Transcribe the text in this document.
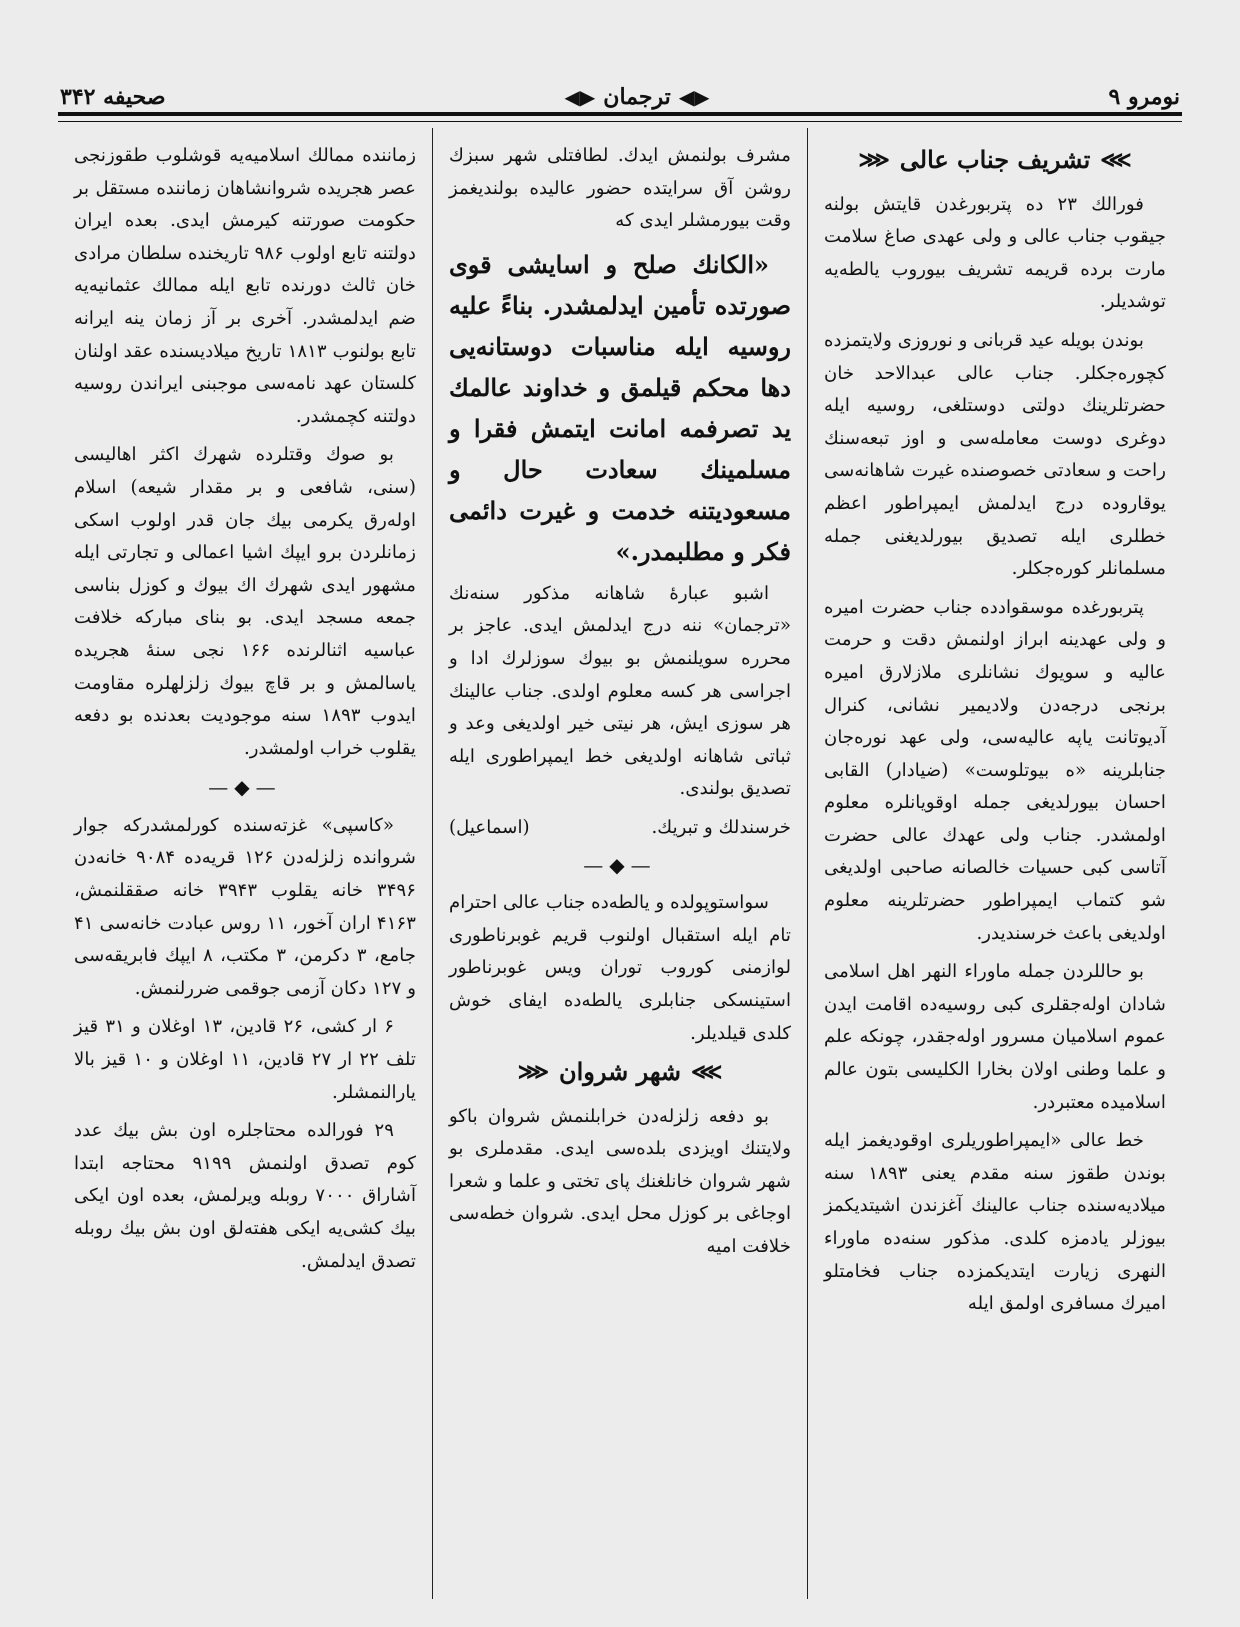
صحیفه ۳۴۲	◀▶ ترجمان ◀▶	نومرو ۹
⋙
تشریف جناب عالی
⋘

فورالك ۲۳ ده پتربورغدن قایتش بولنه جیقوب جناب عالی و ولی عهدی صاغ سلامت مارت برده قریمه تشریف بیوروب یالطه‌یه توشدیلر.

بوندن بویله عید قربانی و نوروزی ولایتمزده کچوره‌جکلر. جناب عالی عبدالاحد خان حضرتلرینك دولتی دوستلغی، روسیه ایله دوغری دوست معامله‌سی و اوز تبعه‌سنك راحت و سعادتی خصوصنده غیرت شاهانه‌سی یوقاروده درج ایدلمش ایمپراطور اعظم خطلری ایله تصدیق بیورلدیغنی جمله مسلمانلر کوره‌جکلر.

پتربورغده موسقوادده جناب حضرت امیره و ولی عهدینه ابراز اولنمش دقت و حرمت عالیه و سویوك نشانلری ملازلارق امیره برنجی درجه‌دن ولادیمیر نشانی، کنرال آدیوتانت یاپه عالیه‌سی، ولی عهد نوره‌جان جنابلرینه «ه بیوتلوست» (ضیادار) القابی احسان بیورلدیغی جمله اوقویانلره معلوم اولمشدر. جناب ولی عهدك عالی حضرت آتاسی کبی حسیات خالصانه صاحبی اولدیغی شو کتماب ایمپراطور حضرتلرینه معلوم اولدیغی باعث خرسندیدر.

بو حاللردن جمله ماوراء النهر اهل اسلامی شادان اوله‌جقلری کبی روسیه‌ده اقامت ایدن عموم اسلامیان مسرور اوله‌جقدر، چونکه علم و علما وطنی اولان بخارا الکلیسی بتون عالم اسلامیده معتبردر.

خط عالی «ایمپراطوریلری اوقودیغمز ایله بوندن طقوز سنه مقدم یعنی ۱۸۹۳ سنه میلادیه‌سنده جناب عالینك آغزندن اشیتدیکمز بیوزلر یادمزه کلدی. مذکور سنه‌ده ماوراء النهری زیارت ایتدیکمزده جناب فخامتلو امیرك مسافری اولمق ایله

مشرف بولنمش ایدك. لطافتلی شهر سبزك روشن آق سرایتده حضور عالیده بولندیغمز وقت بیورمشلر ایدی که

«الکانك صلح و اسایشی قوی صورتده تأمین ایدلمشدر. بناءً علیه روسیه ایله مناسبات دوستانه‌یی دها محکم قیلمق و خداوند عالمك ید تصرفمه امانت ایتمش فقرا و مسلمینك سعادت حال و مسعودیتنه خدمت و غیرت دائمی فکر و مطلبمدر.»

اشبو عبارهٔ شاهانه مذکور سنه‌نك «ترجمان» ننه درج ایدلمش ایدی. عاجز بر محرره سویلنمش بو بیوك سوزلرك ادا و اجراسی هر کسه معلوم اولدی. جناب عالینك هر سوزی ایش، هر نیتی خیر اولدیغی وعد و ثباتی شاهانه اولدیغی خط ایمپراطوری ایله تصدیق بولندی.

خرسندلك و تبریك.
(اسماعیل)
—◆—

سواستوپولده و یالطه‌ده جناب عالی احترام تام ایله استقبال اولنوب قریم غوبرناطوری لوازمنی کوروب توران ویس غوبرناطور استینسکی جنابلری یالطه‌ده ایفای خوش کلدی قیلدیلر.

⋙
شهر شروان
⋘

بو دفعه زلزله‌دن خرابلنمش شروان باکو ولایتنك اویزدی بلده‌سی ایدی. مقدملری بو شهر شروان خانلغنك پای تختی و علما و شعرا اوجاغی بر کوزل محل ایدی. شروان خطه‌سی خلافت امیه

زماننده ممالك اسلامیه‌یه قوشلوب طقوزنجی عصر هجریده شروانشاهان زماننده مستقل بر حکومت صورتنه کیرمش ایدی. بعده ایران دولتنه تابع اولوب ۹۸۶ تاریخنده سلطان مرادی خان ثالث دورنده تابع ایله ممالك عثمانیه‌یه ضم ایدلمشدر. آخری بر آز زمان ینه ایرانه تابع بولنوب ۱۸۱۳ تاریخ میلادیسنده عقد اولنان کلستان عهد نامه‌سی موجبنی ایراندن روسیه دولتنه کچمشدر.

بو صوك وقتلرده شهرك اکثر اهالیسی (سنی، شافعی و بر مقدار شیعه) اسلام اوله‌رق یکرمی بیك جان قدر اولوب اسکی زمانلردن برو ایپك اشیا اعمالی و تجارتی ایله مشهور ایدی شهرك اك بیوك و کوزل بناسی جمعه مسجد ایدی. بو بنای مبارکه خلافت عباسیه اثنالرنده ۱۶۶ نجی سنهٔ هجریده یاسالمش و بر قاچ بیوك زلزلهلره مقاومت ایدوب ۱۸۹۳ سنه موجودیت بعدنده بو دفعه یقلوب خراب اولمشدر.

—◆—

«کاسپی» غزته‌سنده کورلمشدرکه جوار شروانده زلزله‌دن ۱۲۶ قریه‌ده ۹۰۸۴ خانه‌دن ۳۴۹۶ خانه یقلوب ۳۹۴۳ خانه صققلنمش، ۴۱۶۳ اران آخور، ۱۱ روس عبادت خانه‌سی ۴۱ جامع، ۳ دکرمن، ۳ مکتب، ۸ ایپك فابریقه‌سی و ۱۲۷ دکان آزمی جوقمی ضررلنمش.

۶ ار کشی، ۲۶ قادین، ۱۳ اوغلان و ۳۱ قیز تلف ۲۲ ار ۲۷ قادین، ۱۱ اوغلان و ۱۰ قیز بالا یارالنمشلر.

۲۹ فورالده محتاجلره اون بش بیك عدد کوم تصدق اولنمش ۹۱۹۹ محتاجه ابتدا آشاراق ۷۰۰۰ روبله ویرلمش، بعده اون ایکی بیك کشی‌یه ایکی هفته‌لق اون بش بیك روبله تصدق ایدلمش.
